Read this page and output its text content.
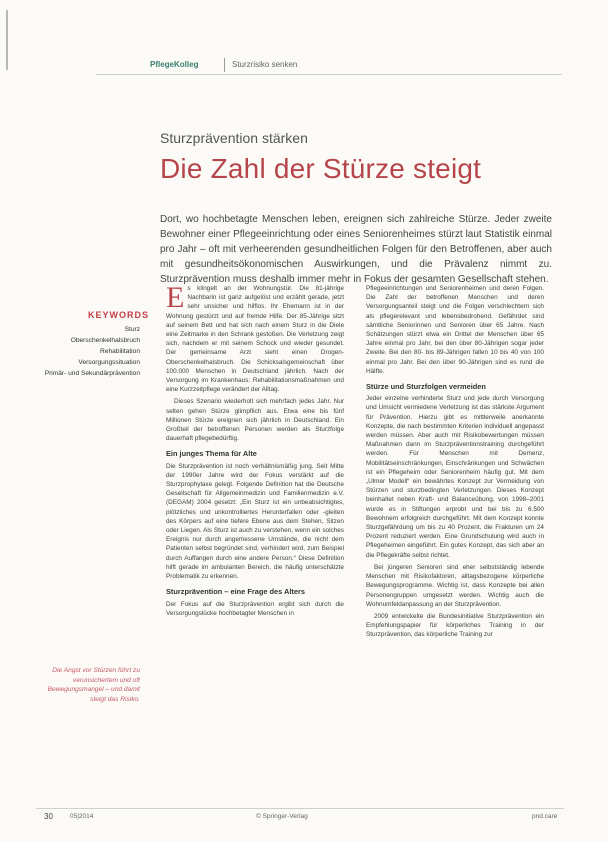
PflegeKolleg	Sturzrisiko senken
Sturzprävention stärken
Die Zahl der Stürze steigt
Dort, wo hochbetagte Menschen leben, ereignen sich zahlreiche Stürze. Jeder zweite Bewohner einer Pflegeeinrichtung oder eines Seniorenheimes stürzt laut Statistik einmal pro Jahr – oft mit verheerenden gesundheitlichen Folgen für den Betroffenen, aber auch mit gesundheitsökonomischen Auswirkungen, und die Prävalenz nimmt zu. Sturzprävention muss deshalb immer mehr in Fokus der gesamten Gesellschaft stehen.
KEYWORDS
Sturz
Oberschenkelhalsbruch
Rehabilitation
Versorgungssituation
Primär- und Sekundärprävention

Es klingelt an der Wohnungstür. Die 81-jährige Nachbarin ist ganz aufgelöst und erzählt gerade, jetzt sehr unsicher und hilflos. Ihr Ehemann ist in der Wohnung gestürzt und auf fremde Hilfe. Der 85-Jährige sitzt auf seinem Bett und hat sich nach einem Sturz in die Diele eine Zeitmarke in den Schrank gestoßen. Die Verletzung zeigt sich, nachdem er mit seinem Schock und wieder gesundet. Der gemeinsame Arzt sieht einen Drogen-Oberschenkelhalsbruch. Die Schicksalsgemeinschaft über 100.000 Menschen in Deutschland jährlich. Nach der Versorgung im Krankenhaus: Rehabilitationsmaßnahmen und eine Kurzzeitpflege verändert der Alltag.

Dieses Szenario wiederholt sich mehrfach jedes Jahr. Nur selten gehen Stürze glimpflich aus. Etwa eine bis fünf Millionen Stürze ereignen sich jährlich in Deutschland. Ein Großteil der betroffenen Personen werden als Sturzfolge dauerhaft pflegebedürftig.

Ein junges Thema für Alte

Die Sturzprävention ist noch verhältnismäßig jung. Seit Mitte der 1990er Jahre wird der Fokus verstärkt auf die Sturzprophylaxe gelegt. Folgende Definition hat die Deutsche Gesellschaft für Allgemeinmedizin und Familienmedizin e.V. (DEGAM) 2004 gesetzt: „Ein Sturz ist ein unbeabsichtigtes, plötzliches und unkontrolliertes Herunterfallen oder -gleiten des Körpers auf eine tiefere Ebene aus dem Stehen, Sitzen oder Liegen. Als Sturz ist auch zu verstehen, wenn ein solches Ereignis nur durch angemessene Umstände, die nicht dem Patienten selbst begründet sind, verhindert wird, zum Beispiel durch Auffangen durch eine andere Person.“ Diese Definition hilft gerade im ambulanten Bereich, die häufig unterschätzte Problematik zu erkennen.

Sturzprävention – eine Frage des Alters

Der Fokus auf die Sturzprävention ergibt sich durch die Versorgungslücke hochbetagter Menschen in

Pflegeeinrichtungen und Seniorenheimen und deren Folgen. Die Zahl der betroffenen Menschen und deren Versorgungsanteil steigt und die Folgen verschlechtern sich als pflegerelevant und lebensbedrohend. Gefährdet sind sämtliche Seniorinnen und Senioren über 65 Jahre. Nach Schätzungen stürzt etwa ein Drittel der Menschen über 65 Jahre einmal pro Jahr, bei den über 80-Jährigen sogar jeder Zweite. Bei den 80- bis 89-Jährigen fallen 10 bis 40 von 100 einmal pro Jahr. Bei den über 90-Jährigen sind es rund die Hälfte.

Stürze und Sturzfolgen vermeiden

Jeder einzelne verhinderte Sturz und jede durch Versorgung und Umsicht vermiedene Verletzung ist das stärkste Argument für Prävention. Hierzu gibt es mittlerweile anerkannte Konzepte, die nach bestimmten Kriterien individuell angepasst werden müssen. Aber auch mit Risikobewertungen müssen Maßnahmen dann im Sturzpräventionstraining durchgeführt werden. Für Menschen mit Demenz, Mobilitätseinschränkungen, Einschränkungen und Schwächen ist ein Pflegeheim oder Seniorenheim häufig gut. Mit dem „Ulmer Modell“ ein bewährtes Konzept zur Vermeidung von Stürzen und sturzbedingten Verletzungen. Dieses Konzept beinhaltet neben Kraft- und Balanceübung, von 1998–2001 wurde es in Stiftungen erprobt und bei bis zu 6.500 Bewohnern erfolgreich durchgeführt. Mit dem Konzept konnte Sturzgefährdung um bis zu 40 Prozent, die Frakturen um 24 Prozent reduziert werden. Eine Grundschulung wird auch in Pflegeheimen eingeführt. Ein gutes Konzept, das sich aber an die Pflegekräfte selbst richtet.

Bei jüngeren Senioren sind eher selbstständig lebende Menschen mit Risikofaktoren, alltagsbezogene körperliche Bewegungsprogramme. Wichtig ist, dass Konzepte bei allen Personengruppen umgesetzt werden. Wichtig auch die Wohnumfeldanpassung an der Sturzprävention.

2009 entwickelte die Bundesinitiative Sturzprävention ein Empfehlungspapier für körperliches Training in der Sturzprävention, das körperliche Training zur

Die Angst vor Stürzen führt zu verunsichertem und oft Bewegungsmangel – und damit steigt das Risiko.
30	05|2014	© Springer-Verlag	pnd.care
